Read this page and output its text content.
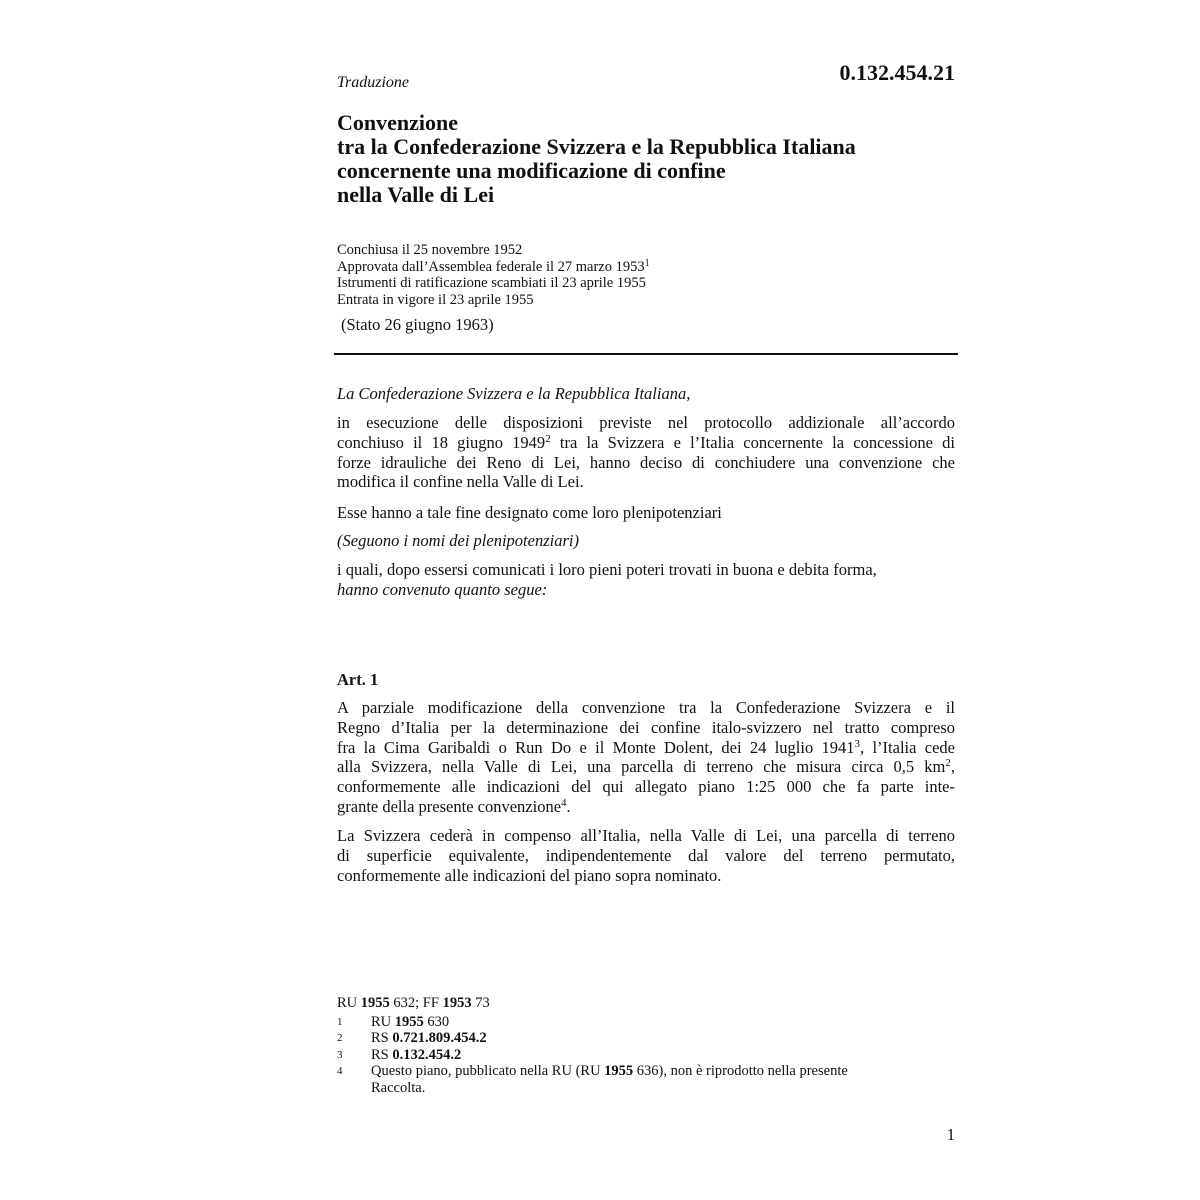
0.132.454.21
Traduzione
Convenzione
tra la Confederazione Svizzera e la Repubblica Italiana
concernente una modificazione di confine
nella Valle di Lei
Conchiusa il 25 novembre 1952
Approvata dall’Assemblea federale il 27 marzo 1953$^1$
Istrumenti di ratificazione scambiati il 23 aprile 1955
Entrata in vigore il 23 aprile 1955
(Stato 26 giugno 1963)
La Confederazione Svizzera e la Repubblica Italiana,
in esecuzione delle disposizioni previste nel protocollo addizionale all’accordo
conchiuso il 18 giugno 1949$^2$ tra la Svizzera e l’Italia concernente la concessione di
forze idrauliche dei Reno di Lei, hanno deciso di conchiudere una convenzione che
modifica il confine nella Valle di Lei.
Esse hanno a tale fine designato come loro plenipotenziari
(Seguono i nomi dei plenipotenziari)
i quali, dopo essersi comunicati i loro pieni poteri trovati in buona e debita forma,
hanno convenuto quanto segue:
Art. 1
A parziale modificazione della convenzione tra la Confederazione Svizzera e il
Regno d’Italia per la determinazione dei confine italo-svizzero nel tratto compreso
fra la Cima Garibaldi o Run Do e il Monte Dolent, dei 24 luglio 1941$^3$, l’Italia cede
alla Svizzera, nella Valle di Lei, una parcella di terreno che misura circa 0,5 km$^2$,
conformemente alle indicazioni del qui allegato piano 1:25 000 che fa parte inte-
grante della presente convenzione$^4$.
La Svizzera cederà in compenso all’Italia, nella Valle di Lei, una parcella di terreno
di superficie equivalente, indipendentemente dal valore del terreno permutato,
conformemente alle indicazioni del piano sopra nominato.
RU 1955 632; FF 1953 73
1	RU 1955 630
2	RS 0.721.809.454.2
3	RS 0.132.454.2
4	Questo piano, pubblicato nella RU (RU 1955 636), non è riprodotto nella presente
Raccolta.
1
